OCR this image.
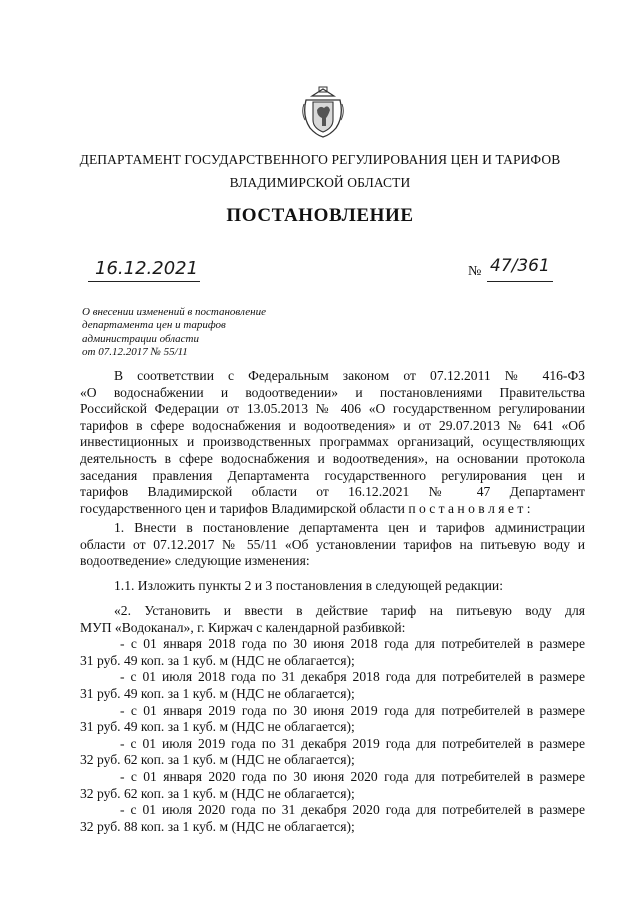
ДЕПАРТАМЕНТ ГОСУДАРСТВЕННОГО РЕГУЛИРОВАНИЯ ЦЕН И ТАРИФОВ
ВЛАДИМИРСКОЙ ОБЛАСТИ
ПОСТАНОВЛЕНИЕ
16.12.2021	№ 47/361
О внесении изменений в постановление
департамента цен и тарифов
администрации области
от 07.12.2017 № 55/11
В соответствии с Федеральным законом от 07.12.2011 № 416-ФЗ
«О водоснабжении и водоотведении» и постановлениями Правительства
Российской Федерации от 13.05.2013 № 406 «О государственном регулировании
тарифов в сфере водоснабжения и водоотведения» и от 29.07.2013 № 641 «Об
инвестиционных и производственных программах организаций, осуществляющих
деятельность в сфере водоснабжения и водоотведения», на основании протокола
заседания правления Департамента государственного регулирования цен и
тарифов Владимирской области от 16.12.2021 № 47 Департамент
государственного цен и тарифов Владимирской области п о с т а н о в л я е т :
1. Внести в постановление департамента цен и тарифов администрации
области от 07.12.2017 № 55/11 «Об установлении тарифов на питьевую воду и
водоотведение» следующие изменения:
1.1. Изложить пункты 2 и 3 постановления в следующей редакции:
«2. Установить и ввести в действие тариф на питьевую воду для
МУП «Водоканал», г. Киржач с календарной разбивкой:
- с 01 января 2018 года по 30 июня 2018 года для потребителей в размере
31 руб. 49 коп. за 1 куб. м (НДС не облагается);
- с 01 июля 2018 года по 31 декабря 2018 года для потребителей в размере
31 руб. 49 коп. за 1 куб. м (НДС не облагается);
- с 01 января 2019 года по 30 июня 2019 года для потребителей в размере
31 руб. 49 коп. за 1 куб. м (НДС не облагается);
- с 01 июля 2019 года по 31 декабря 2019 года для потребителей в размере
32 руб. 62 коп. за 1 куб. м (НДС не облагается);
- с 01 января 2020 года по 30 июня 2020 года для потребителей в размере
32 руб. 62 коп. за 1 куб. м (НДС не облагается);
- с 01 июля 2020 года по 31 декабря 2020 года для потребителей в размере
32 руб. 88 коп. за 1 куб. м (НДС не облагается);
